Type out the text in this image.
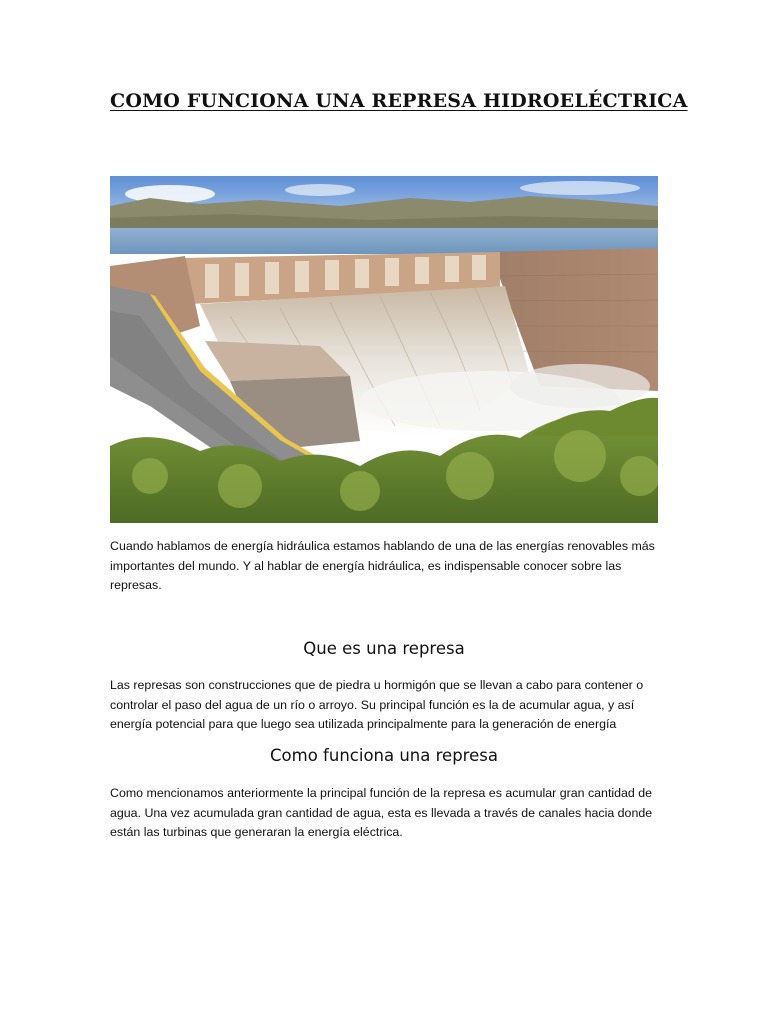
COMO FUNCIONA UNA REPRESA HIDROELÉCTRICA

Cuando hablamos de energía hidráulica estamos hablando de una de las energías renovables más importantes del mundo. Y al hablar de energía hidráulica, es indispensable conocer sobre las represas.

Que es una represa

Las represas son construcciones que de piedra u hormigón que se llevan a cabo para contener o controlar el paso del agua de un río o arroyo. Su principal función es la de acumular agua, y así energía potencial para que luego sea utilizada principalmente para la generación de energía

Como funciona una represa

Como mencionamos anteriormente la principal función de la represa es acumular gran cantidad de agua. Una vez acumulada gran cantidad de agua, esta es llevada a través de canales hacia donde están las turbinas que generaran la energía eléctrica.
